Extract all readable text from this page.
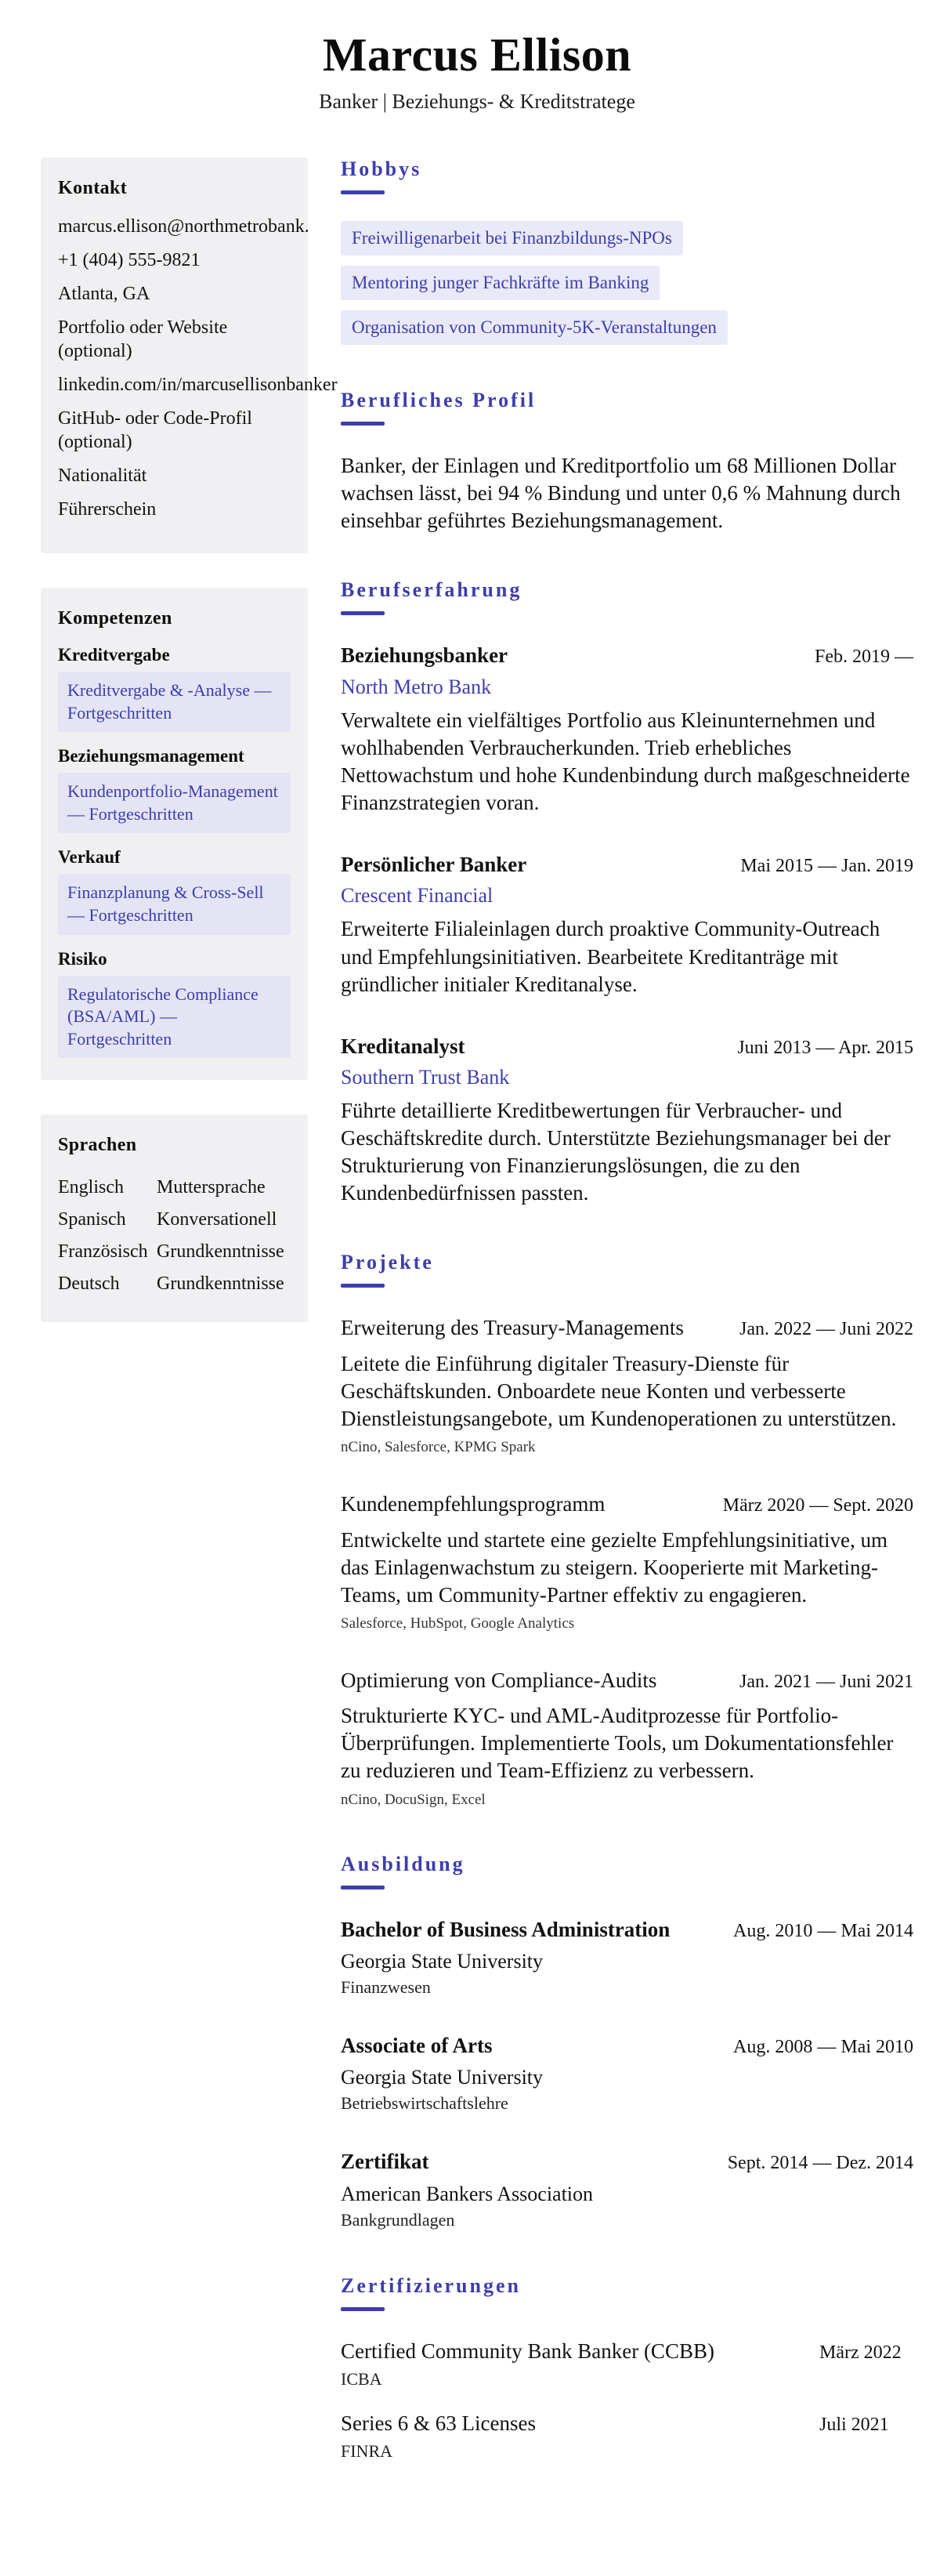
Marcus Ellison
Banker | Beziehungs- & Kreditstratege
Kontakt
marcus.ellison@northmetrobank.
+1 (404) 555-9821
Atlanta, GA
Portfolio oder Website (optional)
linkedin.com/in/marcusellisonbanker
GitHub- oder Code-Profil (optional)
Nationalität
Führerschein
Kompetenzen
Kreditvergabe
Kreditvergabe & -Analyse — Fortgeschritten
Beziehungsmanagement
Kundenportfolio-Management — Fortgeschritten
Verkauf
Finanzplanung & Cross-Sell — Fortgeschritten
Risiko
Regulatorische Compliance (BSA/AML) — Fortgeschritten
Sprachen
Englisch	Muttersprache
Spanisch	Konversationell
Französisch Grundkenntnisse
Deutsch	Grundkenntnisse
Hobbys
Freiwilligenarbeit bei Finanzbildungs-NPOs
Mentoring junger Fachkräfte im Banking
Organisation von Community-5K-Veranstaltungen
Berufliches Profil

Banker, der Einlagen und Kreditportfolio um 68 Millionen Dollar wachsen lässt, bei 94 % Bindung und unter 0,6 % Mahnung durch einsehbar geführtes Beziehungsmanagement.

Berufserfahrung
Beziehungsbanker	Feb. 2019 —
North Metro Bank

Verwaltete ein vielfältiges Portfolio aus Kleinunternehmen und wohlhabenden Verbraucherkunden. Trieb erhebliches Nettowachstum und hohe Kundenbindung durch maßgeschneiderte Finanzstrategien voran.

Persönlicher Banker	Mai 2015 — Jan. 2019
Crescent Financial

Erweiterte Filialeinlagen durch proaktive Community-Outreach und Empfehlungsinitiativen. Bearbeitete Kreditanträge mit gründlicher initialer Kreditanalyse.

Kreditanalyst	Juni 2013 — Apr. 2015
Southern Trust Bank

Führte detaillierte Kreditbewertungen für Verbraucher- und Geschäftskredite durch. Unterstützte Beziehungsmanager bei der Strukturierung von Finanzierungslösungen, die zu den Kundenbedürfnissen passten.

Projekte
Erweiterung des Treasury-Managements	Jan. 2022 — Juni 2022

Leitete die Einführung digitaler Treasury-Dienste für Geschäftskunden. Onboardete neue Konten und verbesserte Dienstleistungsangebote, um Kundenoperationen zu unterstützen.

nCino, Salesforce, KPMG Spark
Kundenempfehlungsprogramm	März 2020 — Sept. 2020

Entwickelte und startete eine gezielte Empfehlungsinitiative, um das Einlagenwachstum zu steigern. Kooperierte mit Marketing-Teams, um Community-Partner effektiv zu engagieren.

Salesforce, HubSpot, Google Analytics
Optimierung von Compliance-Audits	Jan. 2021 — Juni 2021

Strukturierte KYC- und AML-Auditprozesse für Portfolio-Überprüfungen. Implementierte Tools, um Dokumentationsfehler zu reduzieren und Team-Effizienz zu verbessern.

nCino, DocuSign, Excel
Ausbildung
Bachelor of Business Administration	Aug. 2010 — Mai 2014
Georgia State University
Finanzwesen
Associate of Arts	Aug. 2008 — Mai 2010
Georgia State University
Betriebswirtschaftslehre
Zertifikat	Sept. 2014 — Dez. 2014
American Bankers Association
Bankgrundlagen
Zertifizierungen
Certified Community Bank Banker (CCBB)	März 2022
ICBA
Series 6 & 63 Licenses	Juli 2021
FINRA
